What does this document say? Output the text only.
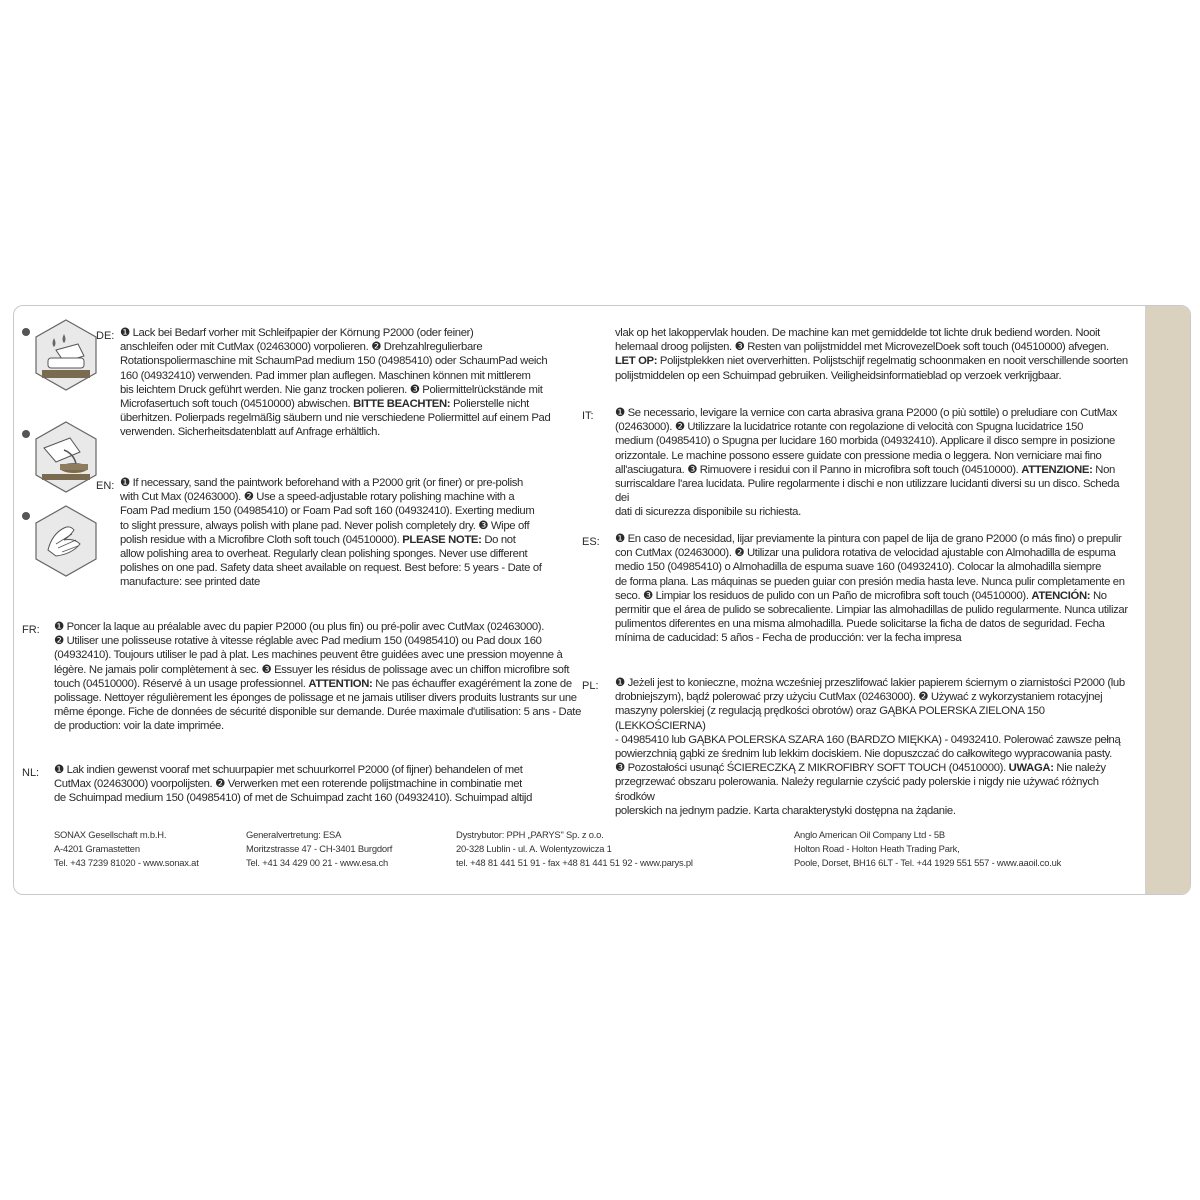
DE: ❶ Lack bei Bedarf vorher mit Schleifpapier der Körnung P2000 (oder feiner)

anschleifen oder mit CutMax (02463000) vorpolieren. ❷ Drehzahlregulierbare

Rotationspoliermaschine mit SchaumPad medium 150 (04985410) oder SchaumPad weich

160 (04932410) verwenden. Pad immer plan auflegen. Maschinen können mit mittlerem

bis leichtem Druck geführt werden. Nie ganz trocken polieren. ❸ Poliermittelrückstände mit

Microfasertuch soft touch (04510000) abwischen. BITTE BEACHTEN: Polierstelle nicht

überhitzen. Polierpads regelmäßig säubern und nie verschiedene Poliermittel auf einem Pad

verwenden. Sicherheitsdatenblatt auf Anfrage erhältlich.

EN: ❶ If necessary, sand the paintwork beforehand with a P2000 grit (or finer) or pre-polish

with Cut Max (02463000). ❷ Use a speed-adjustable rotary polishing machine with a

Foam Pad medium 150 (04985410) or Foam Pad soft 160 (04932410). Exerting medium

to slight pressure, always polish with plane pad. Never polish completely dry. ❸ Wipe off

polish residue with a Microfibre Cloth soft touch (04510000). PLEASE NOTE: Do not

allow polishing area to overheat. Regularly clean polishing sponges. Never use different

polishes on one pad. Safety data sheet available on request. Best before: 5 years - Date of

manufacture: see printed date

FR: ❶ Poncer la laque au préalable avec du papier P2000 (ou plus fin) ou pré-polir avec CutMax (02463000).

❷ Utiliser une polisseuse rotative à vitesse réglable avec Pad medium 150 (04985410) ou Pad doux 160

(04932410). Toujours utiliser le pad à plat. Les machines peuvent être guidées avec une pression moyenne à

légère. Ne jamais polir complètement à sec. ❸ Essuyer les résidus de polissage avec un chiffon microfibre soft

touch (04510000). Réservé à un usage professionnel. ATTENTION: Ne pas échauffer exagérément la zone de

polissage. Nettoyer régulièrement les éponges de polissage et ne jamais utiliser divers produits lustrants sur une

même éponge. Fiche de données de sécurité disponible sur demande. Durée maximale d'utilisation: 5 ans - Date

de production: voir la date imprimée.

NL: ❶ Lak indien gewenst vooraf met schuurpapier met schuurkorrel P2000 (of fijner) behandelen of met

CutMax (02463000) voorpolijsten. ❷ Verwerken met een roterende polijstmachine in combinatie met

de Schuimpad medium 150 (04985410) of met de Schuimpad zacht 160 (04932410). Schuimpad altijd

vlak op het lakoppervlak houden. De machine kan met gemiddelde tot lichte druk bediend worden. Nooit

helemaal droog polijsten. ❸ Resten van polijstmiddel met MicrovezelDoek soft touch (04510000) afvegen.

LET OP: Polijstplekken niet oververhitten. Polijstschijf regelmatig schoonmaken en nooit verschillende soorten

polijstmiddelen op een Schuimpad gebruiken. Veiligheidsinformatieblad op verzoek verkrijgbaar.

IT: ❶ Se necessario, levigare la vernice con carta abrasiva grana P2000 (o più sottile) o preludiare con CutMax

(02463000). ❷ Utilizzare la lucidatrice rotante con regolazione di velocità con Spugna lucidatrice 150

medium (04985410) o Spugna per lucidare 160 morbida (04932410). Applicare il disco sempre in posizione

orizzontale. Le machine possono essere guidate con pressione media o leggera. Non verniciare mai fino

all'asciugatura. ❸ Rimuovere i residui con il Panno in microfibra soft touch (04510000). ATTENZIONE: Non

surriscaldare l'area lucidata. Pulire regolarmente i dischi e non utilizzare lucidanti diversi su un disco. Scheda dei

dati di sicurezza disponibile su richiesta.

ES: ❶ En caso de necesidad, lijar previamente la pintura con papel de lija de grano P2000 (o más fino) o prepulir

con CutMax (02463000). ❷ Utilizar una pulidora rotativa de velocidad ajustable con Almohadilla de espuma

medio 150 (04985410) o Almohadilla de espuma suave 160 (04932410). Colocar la almohadilla siempre

de forma plana. Las máquinas se pueden guiar con presión media hasta leve. Nunca pulir completamente en

seco. ❸ Limpiar los residuos de pulido con un Paño de microfibra soft touch (04510000). ATENCIÓN: No

permitir que el área de pulido se sobrecaliente. Limpiar las almohadillas de pulido regularmente. Nunca utilizar

pulimentos diferentes en una misma almohadilla. Puede solicitarse la ficha de datos de seguridad. Fecha

mínima de caducidad: 5 años - Fecha de producción: ver la fecha impresa

PL: ❶ Jeżeli jest to konieczne, można wcześniej przeszlifować lakier papierem ściernym o ziarnistości P2000 (lub

drobniejszym), bądź polerować przy użyciu CutMax (02463000). ❷ Używać z wykorzystaniem rotacyjnej

maszyny polerskiej (z regulacją prędkości obrotów) oraz GĄBKA POLERSKA ZIELONA 150 (LEKKOŚCIERNA)

- 04985410 lub GĄBKA POLERSKA SZARA 160 (BARDZO MIĘKKA) - 04932410. Polerować zawsze pełną

powierzchnią gąbki ze średnim lub lekkim dociskiem. Nie dopuszczać do całkowitego wypracowania pasty.

❸ Pozostałości usunąć ŚCIERECZKĄ Z MIKROFIBRY SOFT TOUCH (04510000). UWAGA: Nie należy

przegrzewać obszaru polerowania. Należy regularnie czyścić pady polerskie i nigdy nie używać różnych środków

polerskich na jednym padzie. Karta charakterystyki dostępna na żądanie.

SONAX Gesellschaft m.b.H.
A-4201 Gramastetten
Tel. +43 7239 81020 - www.sonax.at
Generalvertretung: ESA
Moritzstrasse 47 - CH-3401 Burgdorf
Tel. +41 34 429 00 21 - www.esa.ch
Dystrybutor: PPH „PARYS" Sp. z o.o.
20-328 Lublin - ul. A. Wolentyzowicza 1
tel. +48 81 441 51 91 - fax +48 81 441 51 92 - www.parys.pl
Anglo American Oil Company Ltd - 5B
Holton Road - Holton Heath Trading Park,
Poole, Dorset, BH16 6LT - Tel. +44 1929 551 557 - www.aaoil.co.uk
